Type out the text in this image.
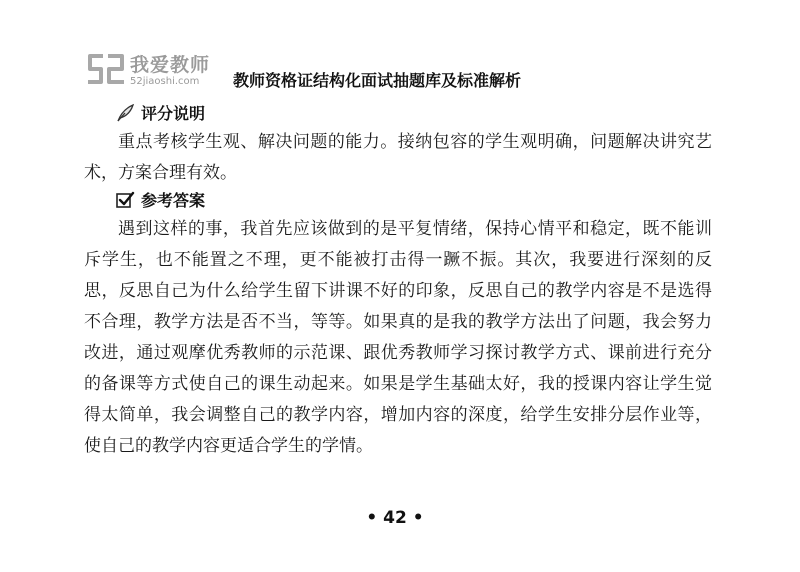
我爱教师
52jiaoshi.com 教师资格证结构化面试抽题库及标准解析
评分说明

重点考核学生观、解决问题的能力。接纳包容的学生观明确，问题解决讲究艺术，方案合理有效。

参考答案

遇到这样的事，我首先应该做到的是平复情绪，保持心情平和稳定，既不能训斥学生，也不能置之不理，更不能被打击得一蹶不振。其次，我要进行深刻的反思，反思自己为什么给学生留下讲课不好的印象，反思自己的教学内容是不是选得不合理，教学方法是否不当，等等。如果真的是我的教学方法出了问题，我会努力改进，通过观摩优秀教师的示范课、跟优秀教师学习探讨教学方式、课前进行充分的备课等方式使自己的课生动起来。如果是学生基础太好，我的授课内容让学生觉得太简单，我会调整自己的教学内容，增加内容的深度，给学生安排分层作业等，使自己的教学内容更适合学生的学情。

• 42 •
